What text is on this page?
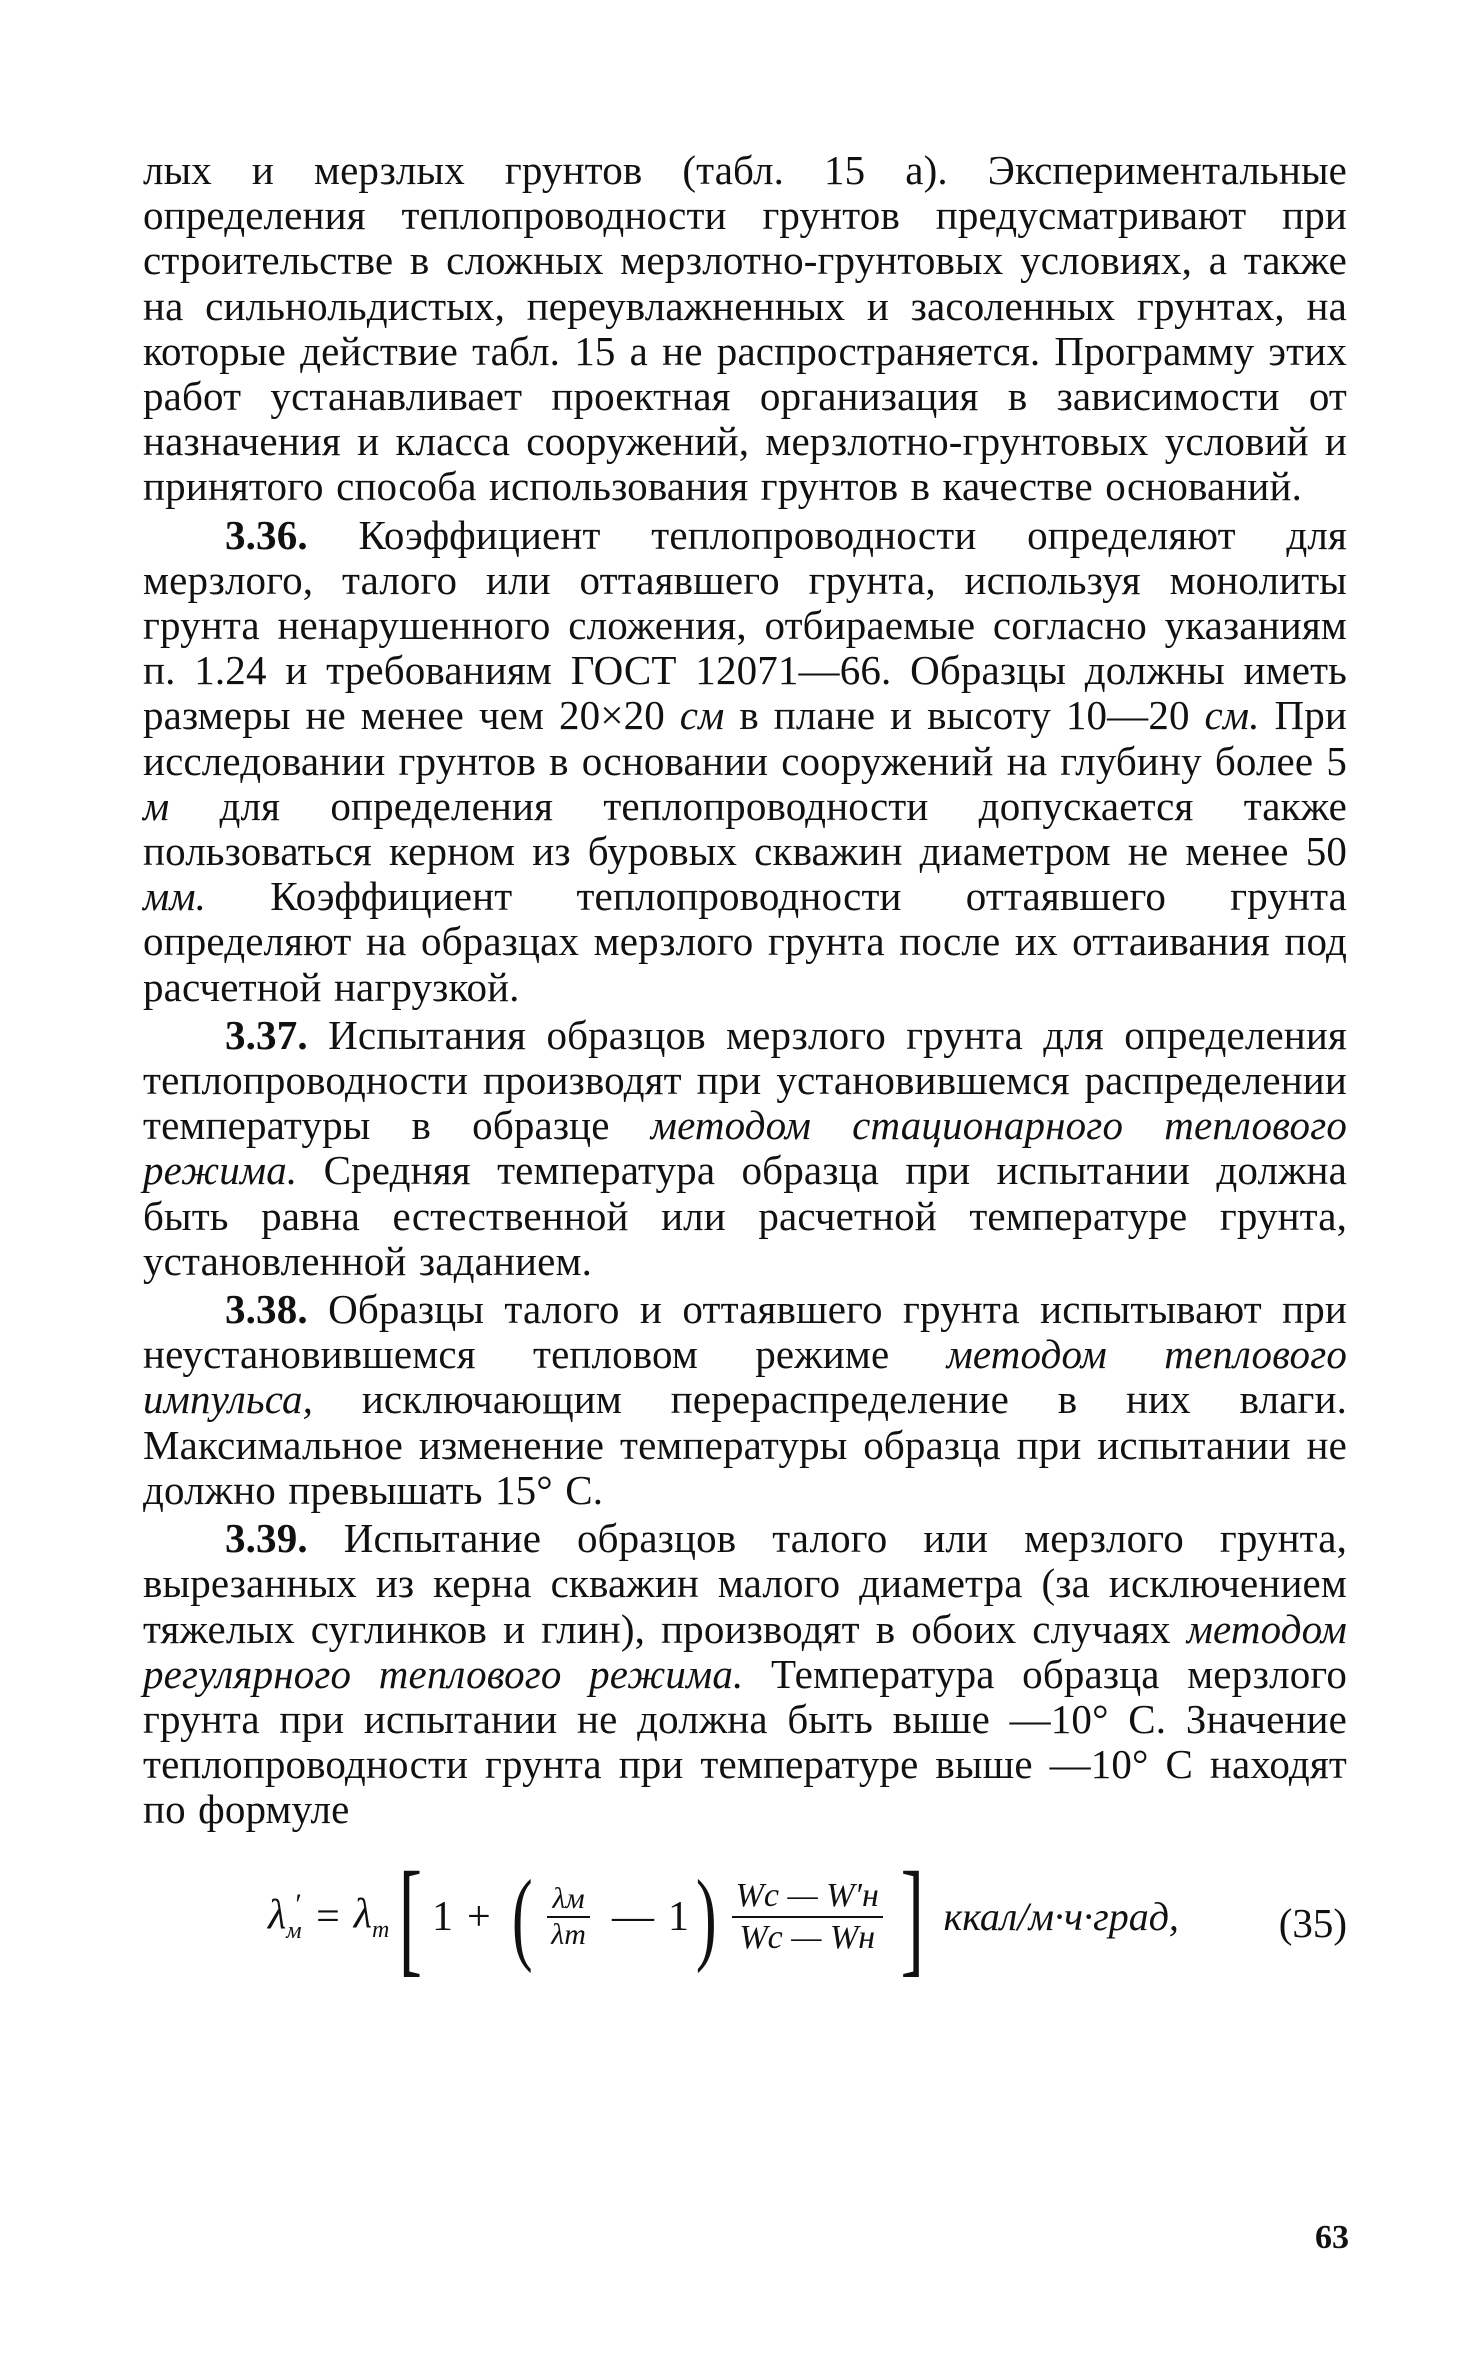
лых и мерзлых грунтов (табл. 15 а). Экспериментальные определения теплопроводности грунтов предусматривают при строительстве в сложных мерзлотно-грунтовых условиях, а также на сильнольдистых, переувлажненных и засоленных грунтах, на которые действие табл. 15 а не распространяется. Программу этих работ устанавливает проектная организация в зависимости от назначения и класса сооружений, мерзлотно-грунтовых условий и принятого способа использования грунтов в качестве оснований.

3.36. Коэффициент теплопроводности определяют для мерзлого, талого или оттаявшего грунта, используя монолиты грунта ненарушенного сложения, отбираемые согласно указаниям п. 1.24 и требованиям ГОСТ 12071—66. Образцы должны иметь размеры не менее чем 20×20 см в плане и высоту 10—20 см. При исследовании грунтов в основании сооружений на глубину более 5 м для определения теплопроводности допускается также пользоваться керном из буровых скважин диаметром не менее 50 мм. Коэффициент теплопроводности оттаявшего грунта определяют на образцах мерзлого грунта после их оттаивания под расчетной нагрузкой.

3.37. Испытания образцов мерзлого грунта для определения теплопроводности производят при установившемся распределении температуры в образце методом стационарного теплового режима. Средняя температура образца при испытании должна быть равна естественной или расчетной температуре грунта, установленной заданием.

3.38. Образцы талого и оттаявшего грунта испытывают при неустановившемся тепловом режиме методом теплового импульса, исключающим перераспределение в них влаги. Максимальное изменение температуры образца при испытании не должно превышать 15° С.

3.39. Испытание образцов талого или мерзлого грунта, вырезанных из керна скважин малого диаметра (за исключением тяжелых суглинков и глин), производят в обоих случаях методом регулярного теплового режима. Температура образца мерзлого грунта при испытании не должна быть выше —10° С. Значение теплопроводности грунта при температуре выше —10° С находят по формуле

$\lambda_м' = \lambda_т$ [ 1 + ( $\frac{\lambda м}{\lambda т}$ — 1 ) $\frac{Wс — W'н}{Wс — Wн}$ ] ккал/м·ч·град, (35)
63
